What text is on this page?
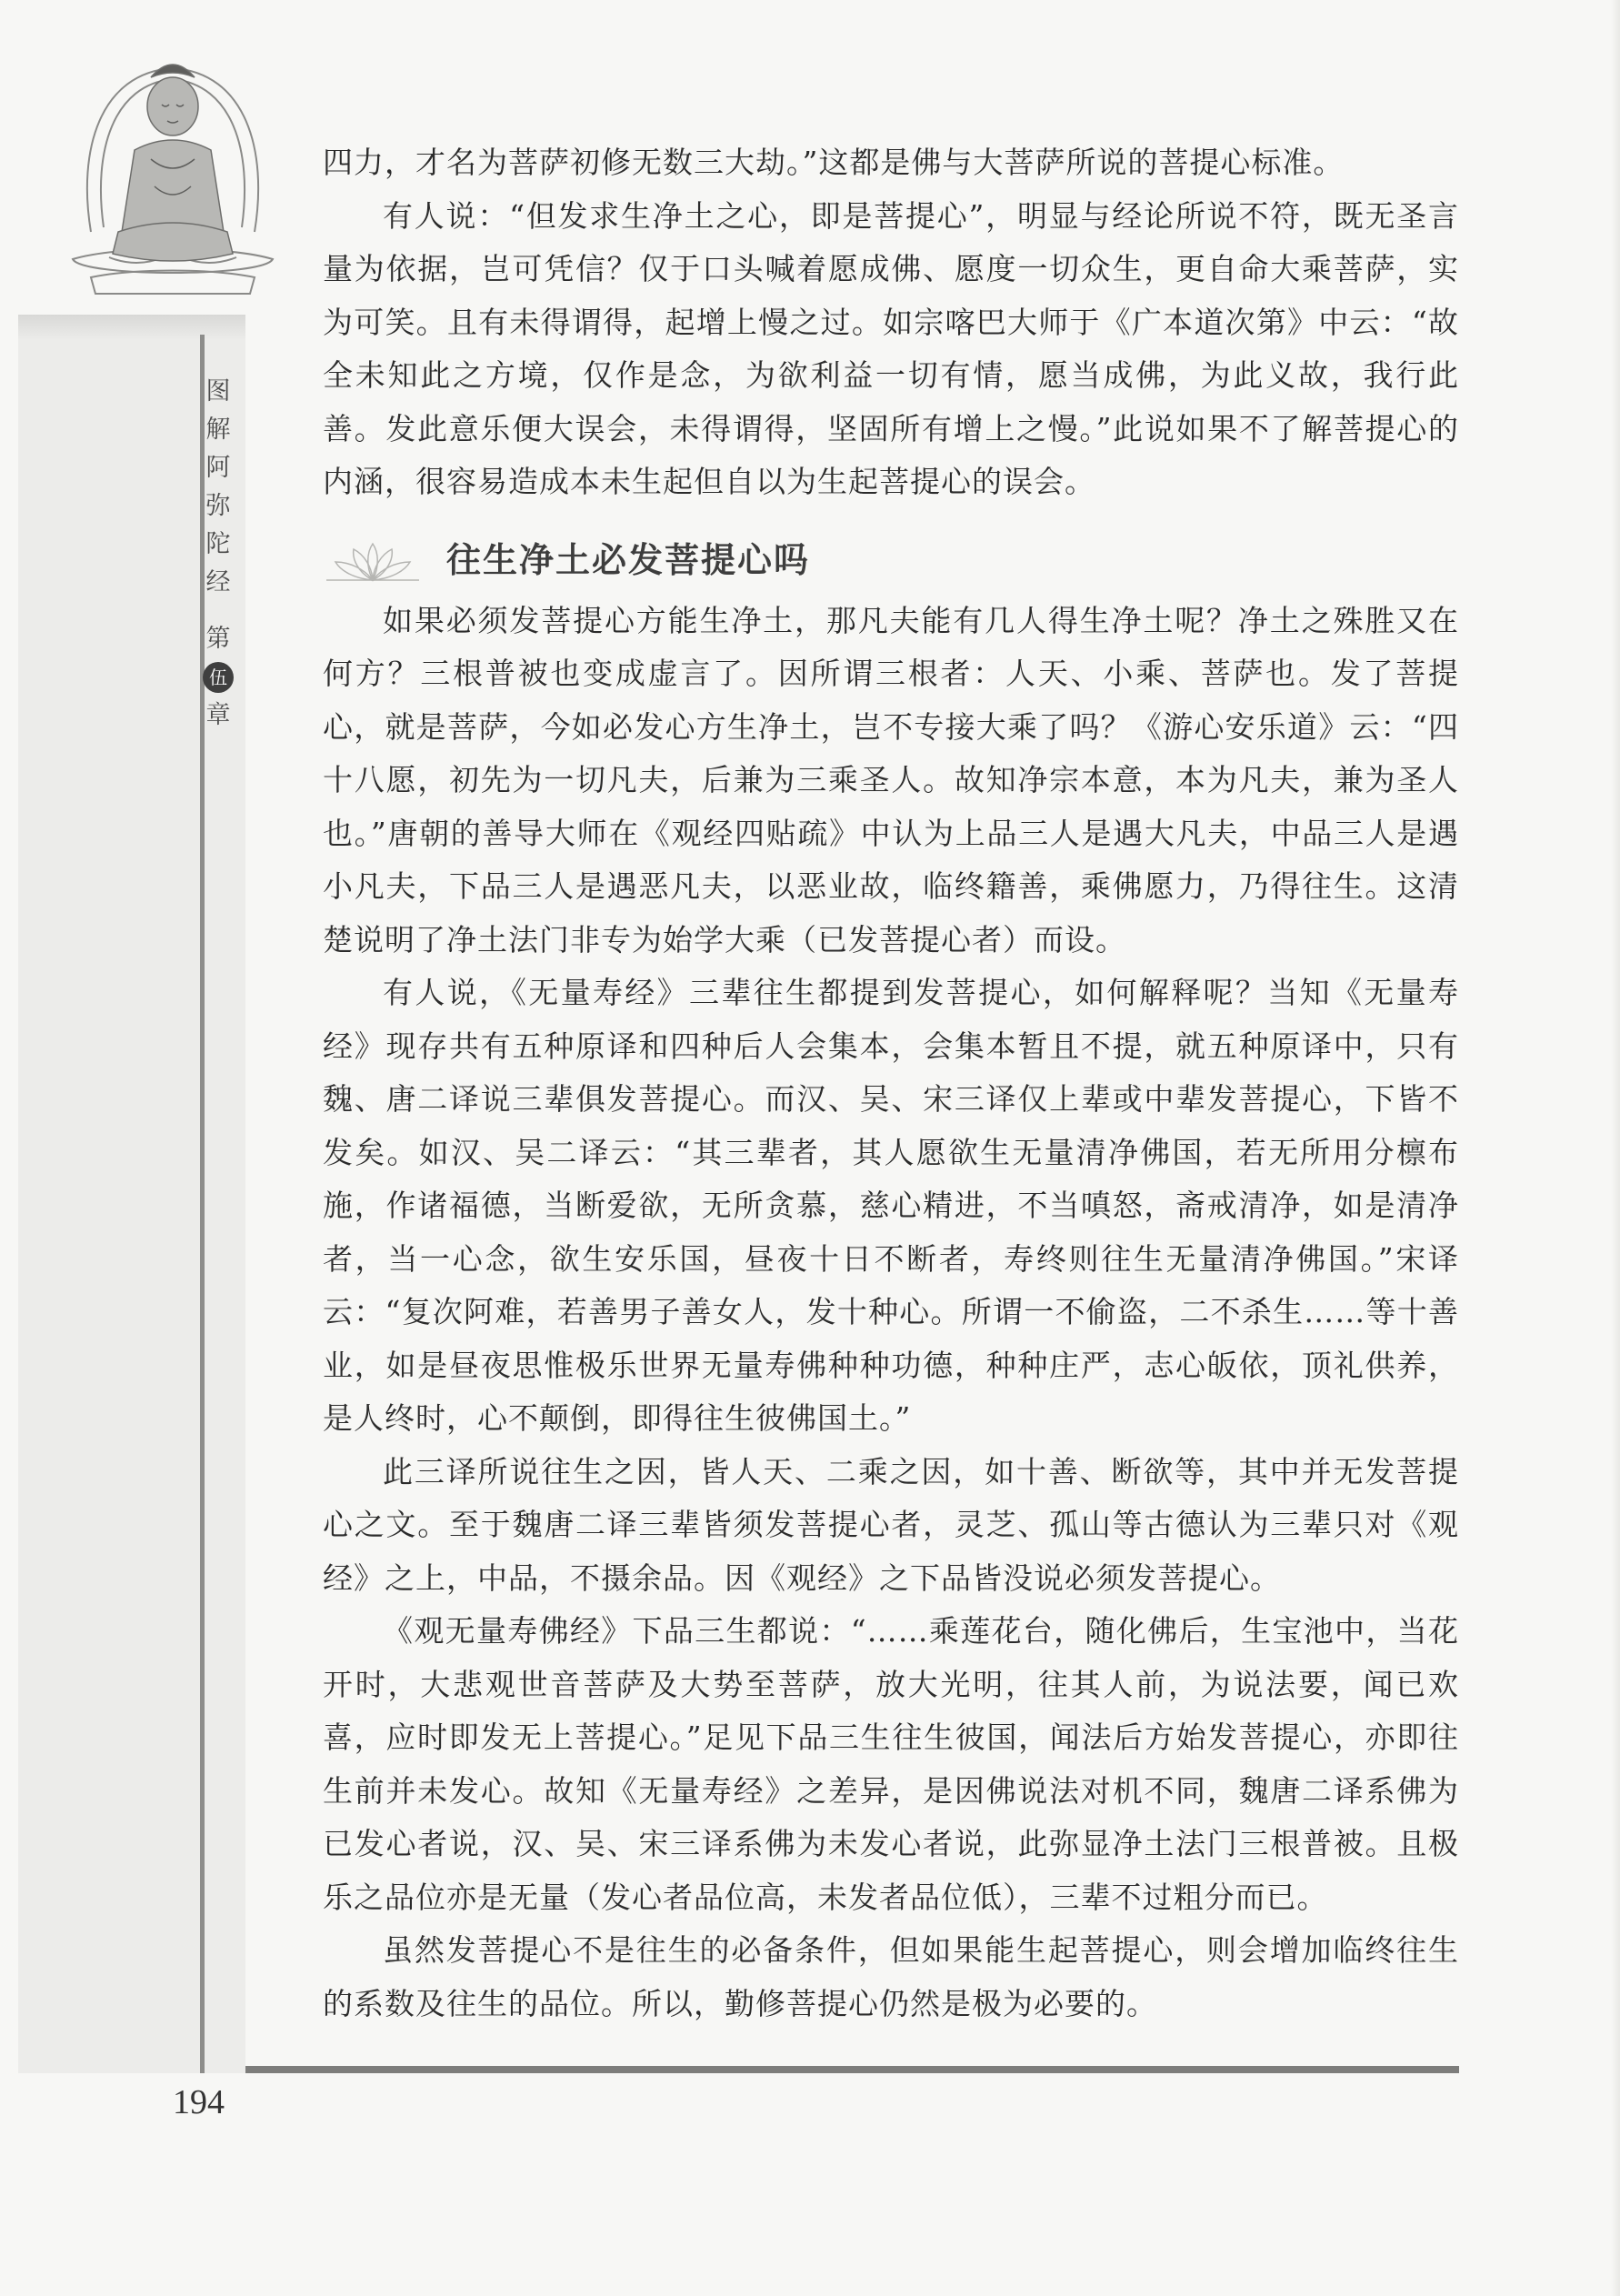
图
解
阿
弥
陀
经
第
伍
章

四力，才名为菩萨初修无数三大劫。”这都是佛与大菩萨所说的菩提心标准。

有人说：“但发求生净土之心，即是菩提心”，明显与经论所说不符，既无圣言量为依据，岂可凭信？仅于口头喊着愿成佛、愿度一切众生，更自命大乘菩萨，实为可笑。且有未得谓得，起增上慢之过。如宗喀巴大师于《广本道次第》中云：“故全未知此之方境，仅作是念，为欲利益一切有情，愿当成佛，为此义故，我行此善。发此意乐便大误会，未得谓得，坚固所有增上之慢。”此说如果不了解菩提心的内涵，很容易造成本未生起但自以为生起菩提心的误会。

往生净土必发菩提心吗

如果必须发菩提心方能生净土，那凡夫能有几人得生净土呢？净土之殊胜又在何方？三根普被也变成虚言了。因所谓三根者：人天、小乘、菩萨也。发了菩提心，就是菩萨，今如必发心方生净土，岂不专接大乘了吗？《游心安乐道》云：“四十八愿，初先为一切凡夫，后兼为三乘圣人。故知净宗本意，本为凡夫，兼为圣人也。”唐朝的善导大师在《观经四贴疏》中认为上品三人是遇大凡夫，中品三人是遇小凡夫，下品三人是遇恶凡夫，以恶业故，临终籍善，乘佛愿力，乃得往生。这清楚说明了净土法门非专为始学大乘（已发菩提心者）而设。

有人说，《无量寿经》三辈往生都提到发菩提心，如何解释呢？当知《无量寿经》现存共有五种原译和四种后人会集本，会集本暂且不提，就五种原译中，只有魏、唐二译说三辈俱发菩提心。而汉、吴、宋三译仅上辈或中辈发菩提心，下皆不发矣。如汉、吴二译云：“其三辈者，其人愿欲生无量清净佛国，若无所用分檩布施，作诸福德，当断爱欲，无所贪慕，慈心精进，不当嗔怒，斋戒清净，如是清净者，当一心念，欲生安乐国，昼夜十日不断者，寿终则往生无量清净佛国。”宋译云：“复次阿难，若善男子善女人，发十种心。所谓一不偷盗，二不杀生……等十善业，如是昼夜思惟极乐世界无量寿佛种种功德，种种庄严，志心皈依，顶礼供养，是人终时，心不颠倒，即得往生彼佛国土。”

此三译所说往生之因，皆人天、二乘之因，如十善、断欲等，其中并无发菩提心之文。至于魏唐二译三辈皆须发菩提心者，灵芝、孤山等古德认为三辈只对《观经》之上，中品，不摄余品。因《观经》之下品皆没说必须发菩提心。

《观无量寿佛经》下品三生都说：“……乘莲花台，随化佛后，生宝池中，当花开时，大悲观世音菩萨及大势至菩萨，放大光明，往其人前，为说法要，闻已欢喜，应时即发无上菩提心。”足见下品三生往生彼国，闻法后方始发菩提心，亦即往生前并未发心。故知《无量寿经》之差异，是因佛说法对机不同，魏唐二译系佛为已发心者说，汉、吴、宋三译系佛为未发心者说，此弥显净土法门三根普被。且极乐之品位亦是无量（发心者品位高，未发者品位低），三辈不过粗分而已。

虽然发菩提心不是往生的必备条件，但如果能生起菩提心，则会增加临终往生的系数及往生的品位。所以，勤修菩提心仍然是极为必要的。

194
